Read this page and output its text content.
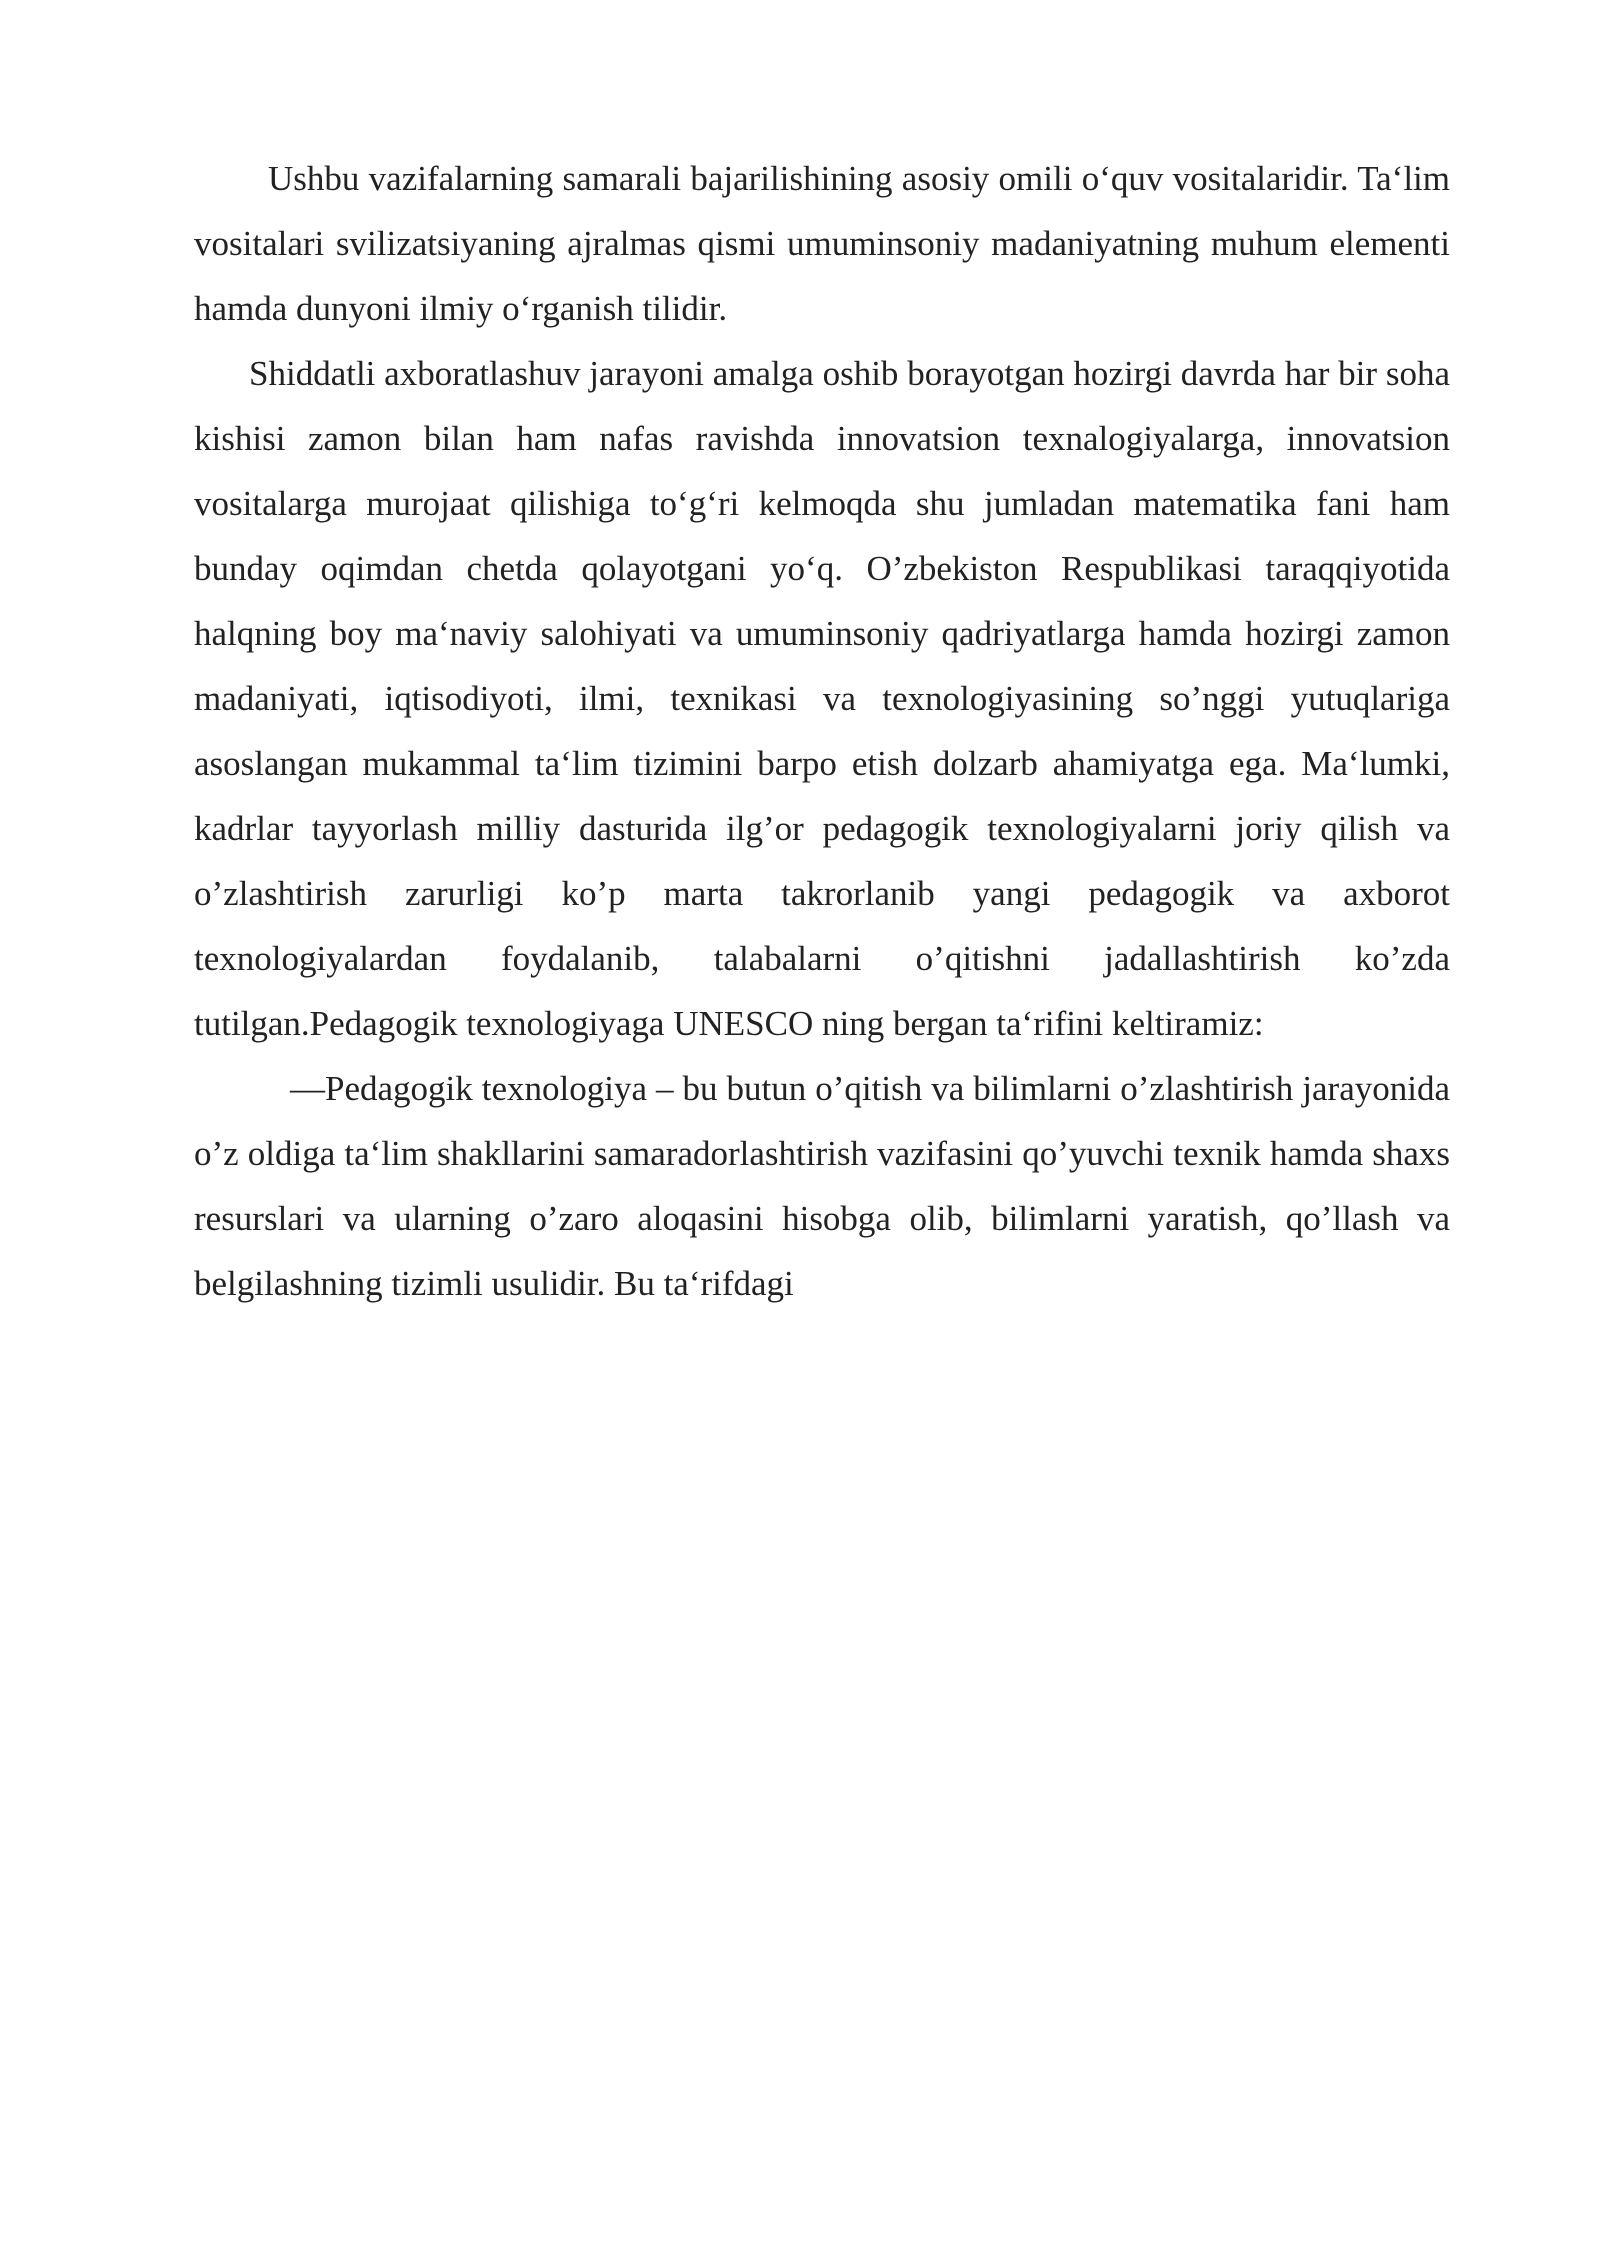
Ushbu vazifalarning samarali bajarilishining asosiy omili o‘quv vositalaridir. Ta‘lim vositalari svilizatsiyaning ajralmas qismi umuminsoniy madaniyatning muhum elementi hamda dunyoni ilmiy o‘rganish tilidir.

Shiddatli axboratlashuv jarayoni amalga oshib borayotgan hozirgi davrda har bir soha kishisi zamon bilan ham nafas ravishda innovatsion texnalogiyalarga, innovatsion vositalarga murojaat qilishiga to‘g‘ri kelmoqda shu jumladan matematika fani ham bunday oqimdan chetda qolayotgani yo‘q. O’zbekiston Respublikasi taraqqiyotida halqning boy ma‘naviy salohiyati va umuminsoniy qadriyatlarga hamda hozirgi zamon madaniyati, iqtisodiyoti, ilmi, texnikasi va texnologiyasining so’nggi yutuqlariga asoslangan mukammal ta‘lim tizimini barpo etish dolzarb ahamiyatga ega. Ma‘lumki, kadrlar tayyorlash milliy dasturida ilg’or pedagogik texnologiyalarni joriy qilish va o’zlashtirish zarurligi ko’p marta takrorlanib yangi pedagogik va axborot texnologiyalardan foydalanib, talabalarni o’qitishni jadallashtirish ko’zda tutilgan.Pedagogik texnologiyaga UNESCO ning bergan ta‘rifini keltiramiz:

―Pedagogik texnologiya – bu butun o’qitish va bilimlarni o’zlashtirish jarayonida o’z oldiga ta‘lim shakllarini samaradorlashtirish vazifasini qo’yuvchi texnik hamda shaxs resurslari va ularning o’zaro aloqasini hisobga olib, bilimlarni yaratish, qo’llash va belgilashning tizimli usulidir. Bu ta‘rifdagi
